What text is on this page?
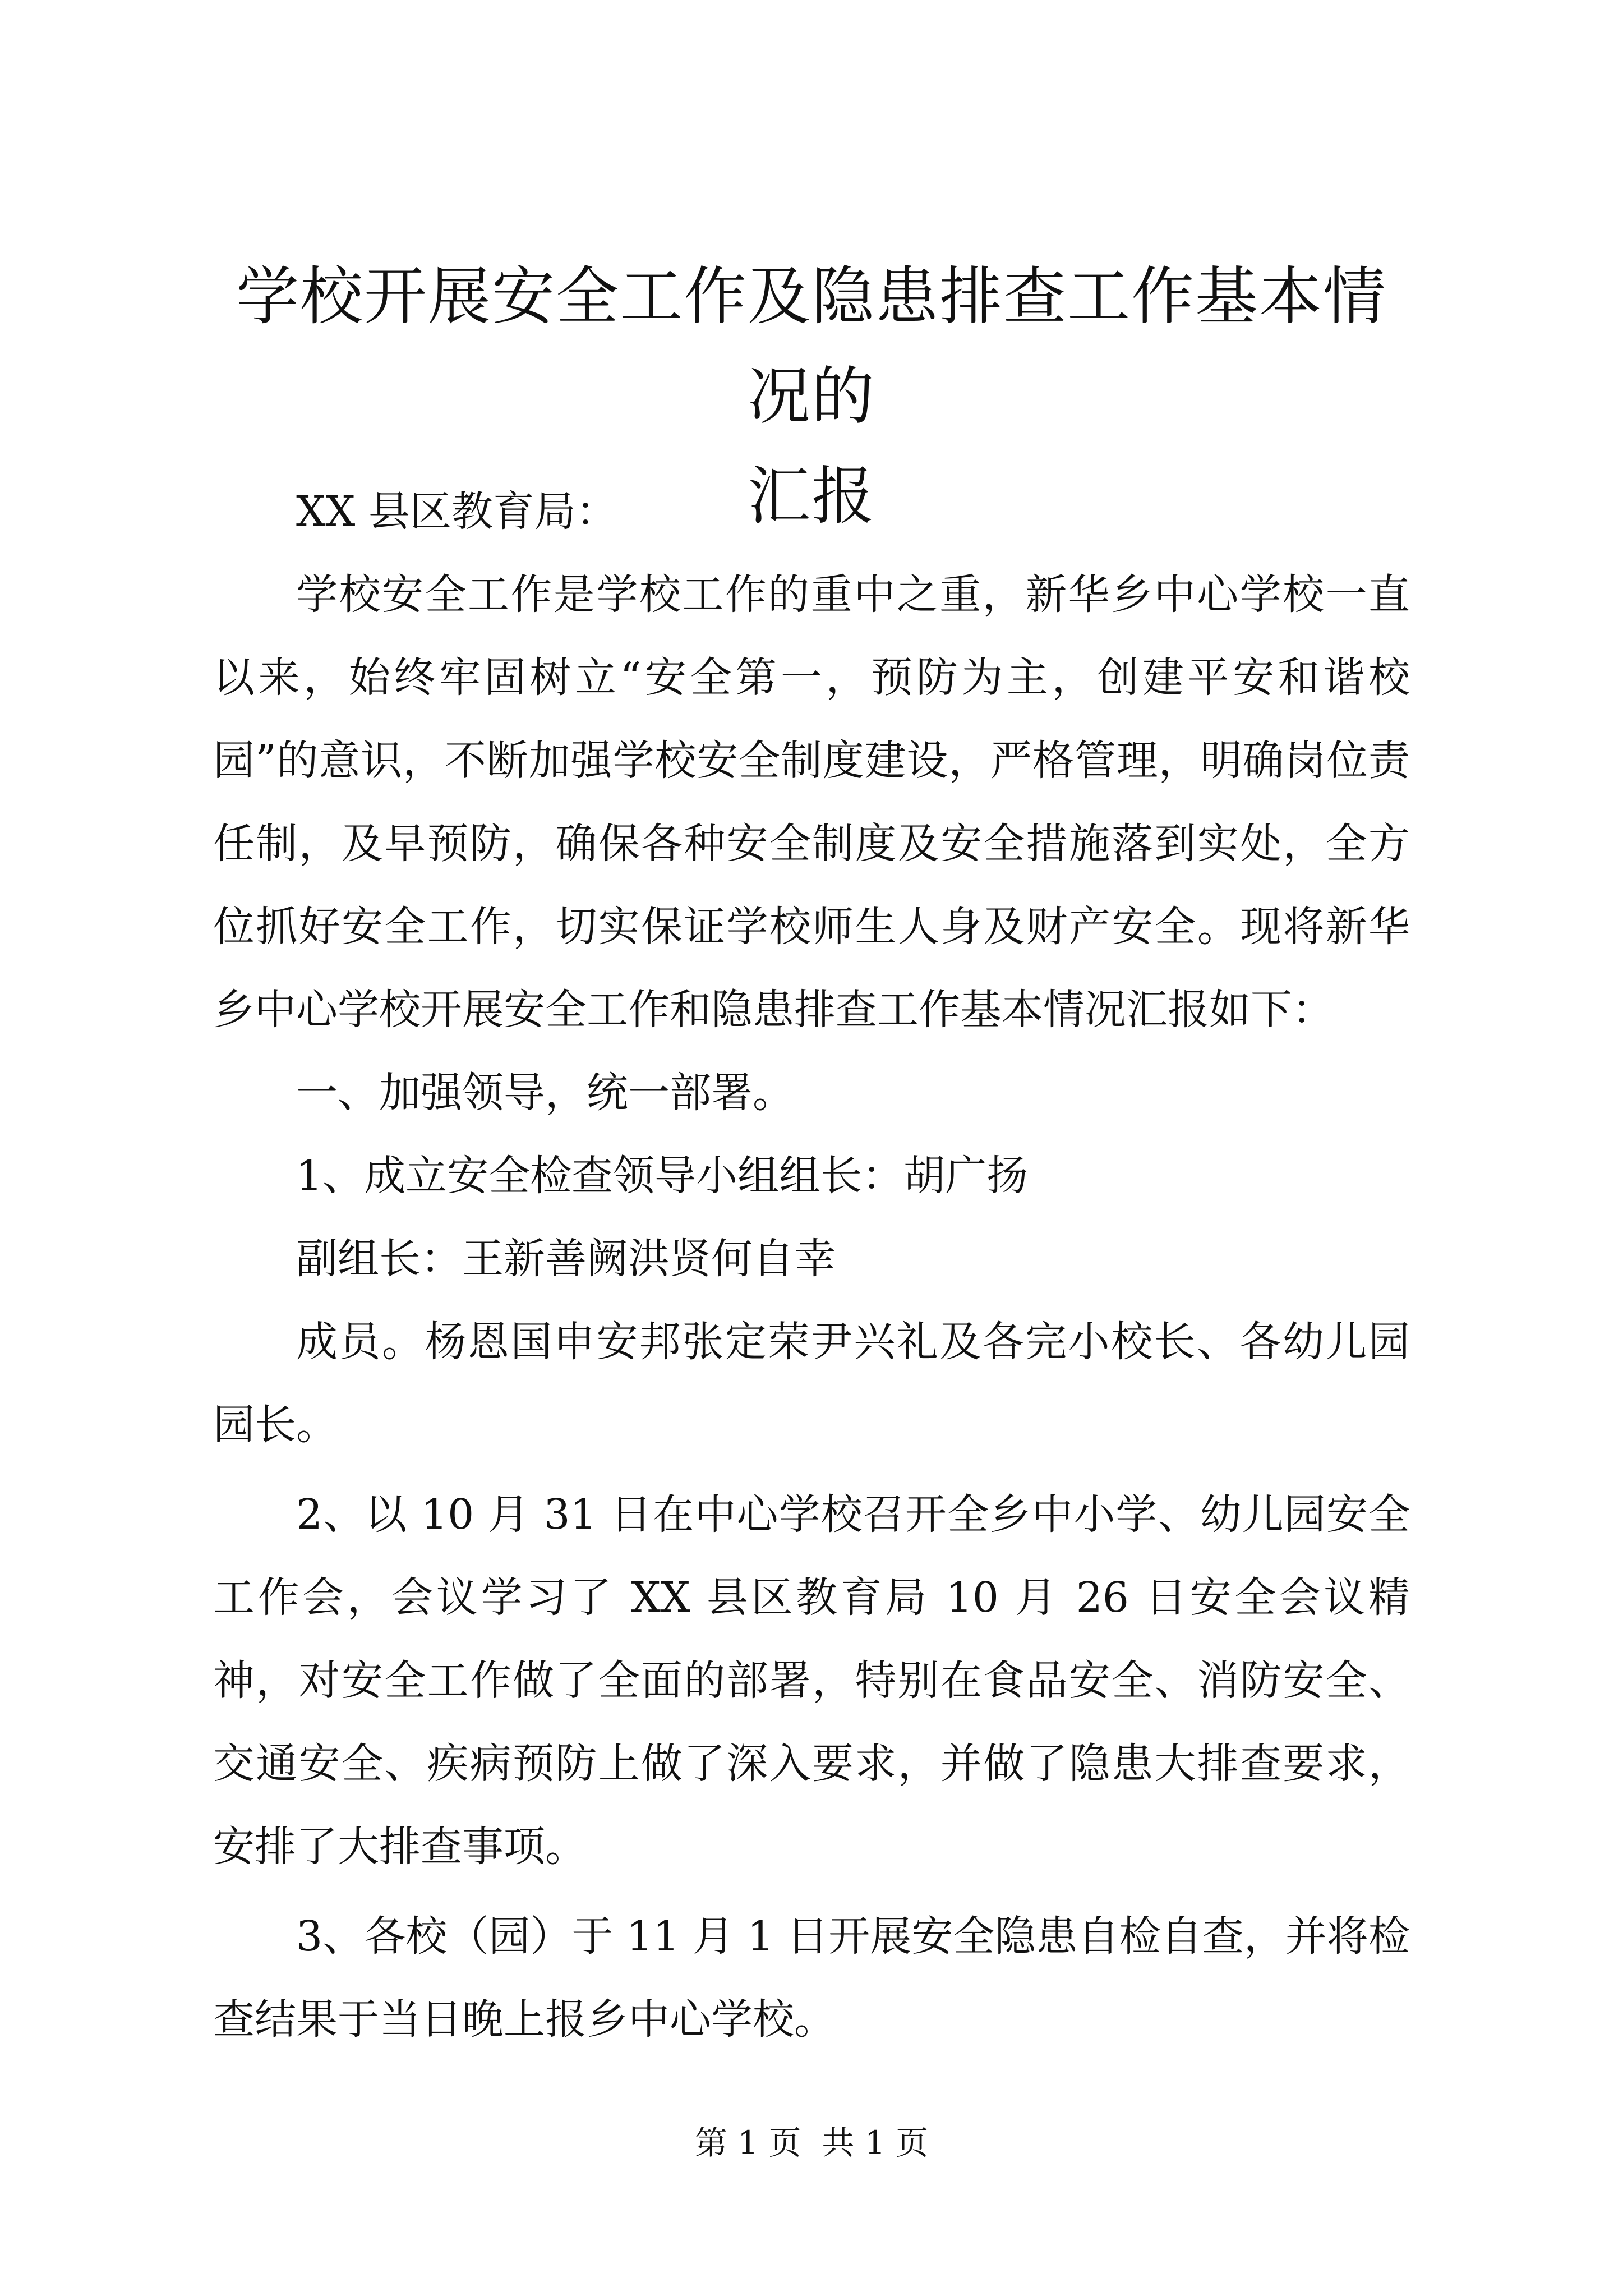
学校开展安全工作及隐患排查工作基本情况的
汇报

XX 县区教育局：

学校安全工作是学校工作的重中之重，新华乡中心学校一直以来，始终牢固树立“安全第一，预防为主，创建平安和谐校园”的意识，不断加强学校安全制度建设，严格管理，明确岗位责任制，及早预防，确保各种安全制度及安全措施落到实处，全方位抓好安全工作，切实保证学校师生人身及财产安全。现将新华乡中心学校开展安全工作和隐患排查工作基本情况汇报如下：

一、加强领导，统一部署。

1、成立安全检查领导小组组长：胡广扬

副组长：王新善阙洪贤何自幸

成员。杨恩国申安邦张定荣尹兴礼及各完小校长、各幼儿园园长。

2、以 10 月 31 日在中心学校召开全乡中小学、幼儿园安全工作会，会议学习了 XX 县区教育局 10 月 26 日安全会议精神，对安全工作做了全面的部署，特别在食品安全、消防安全、交通安全、疾病预防上做了深入要求，并做了隐患大排查要求，安排了大排查事项。

3、各校（园）于 11 月 1 日开展安全隐患自检自查，并将检查结果于当日晚上报乡中心学校。

第 1 页  共 1 页
